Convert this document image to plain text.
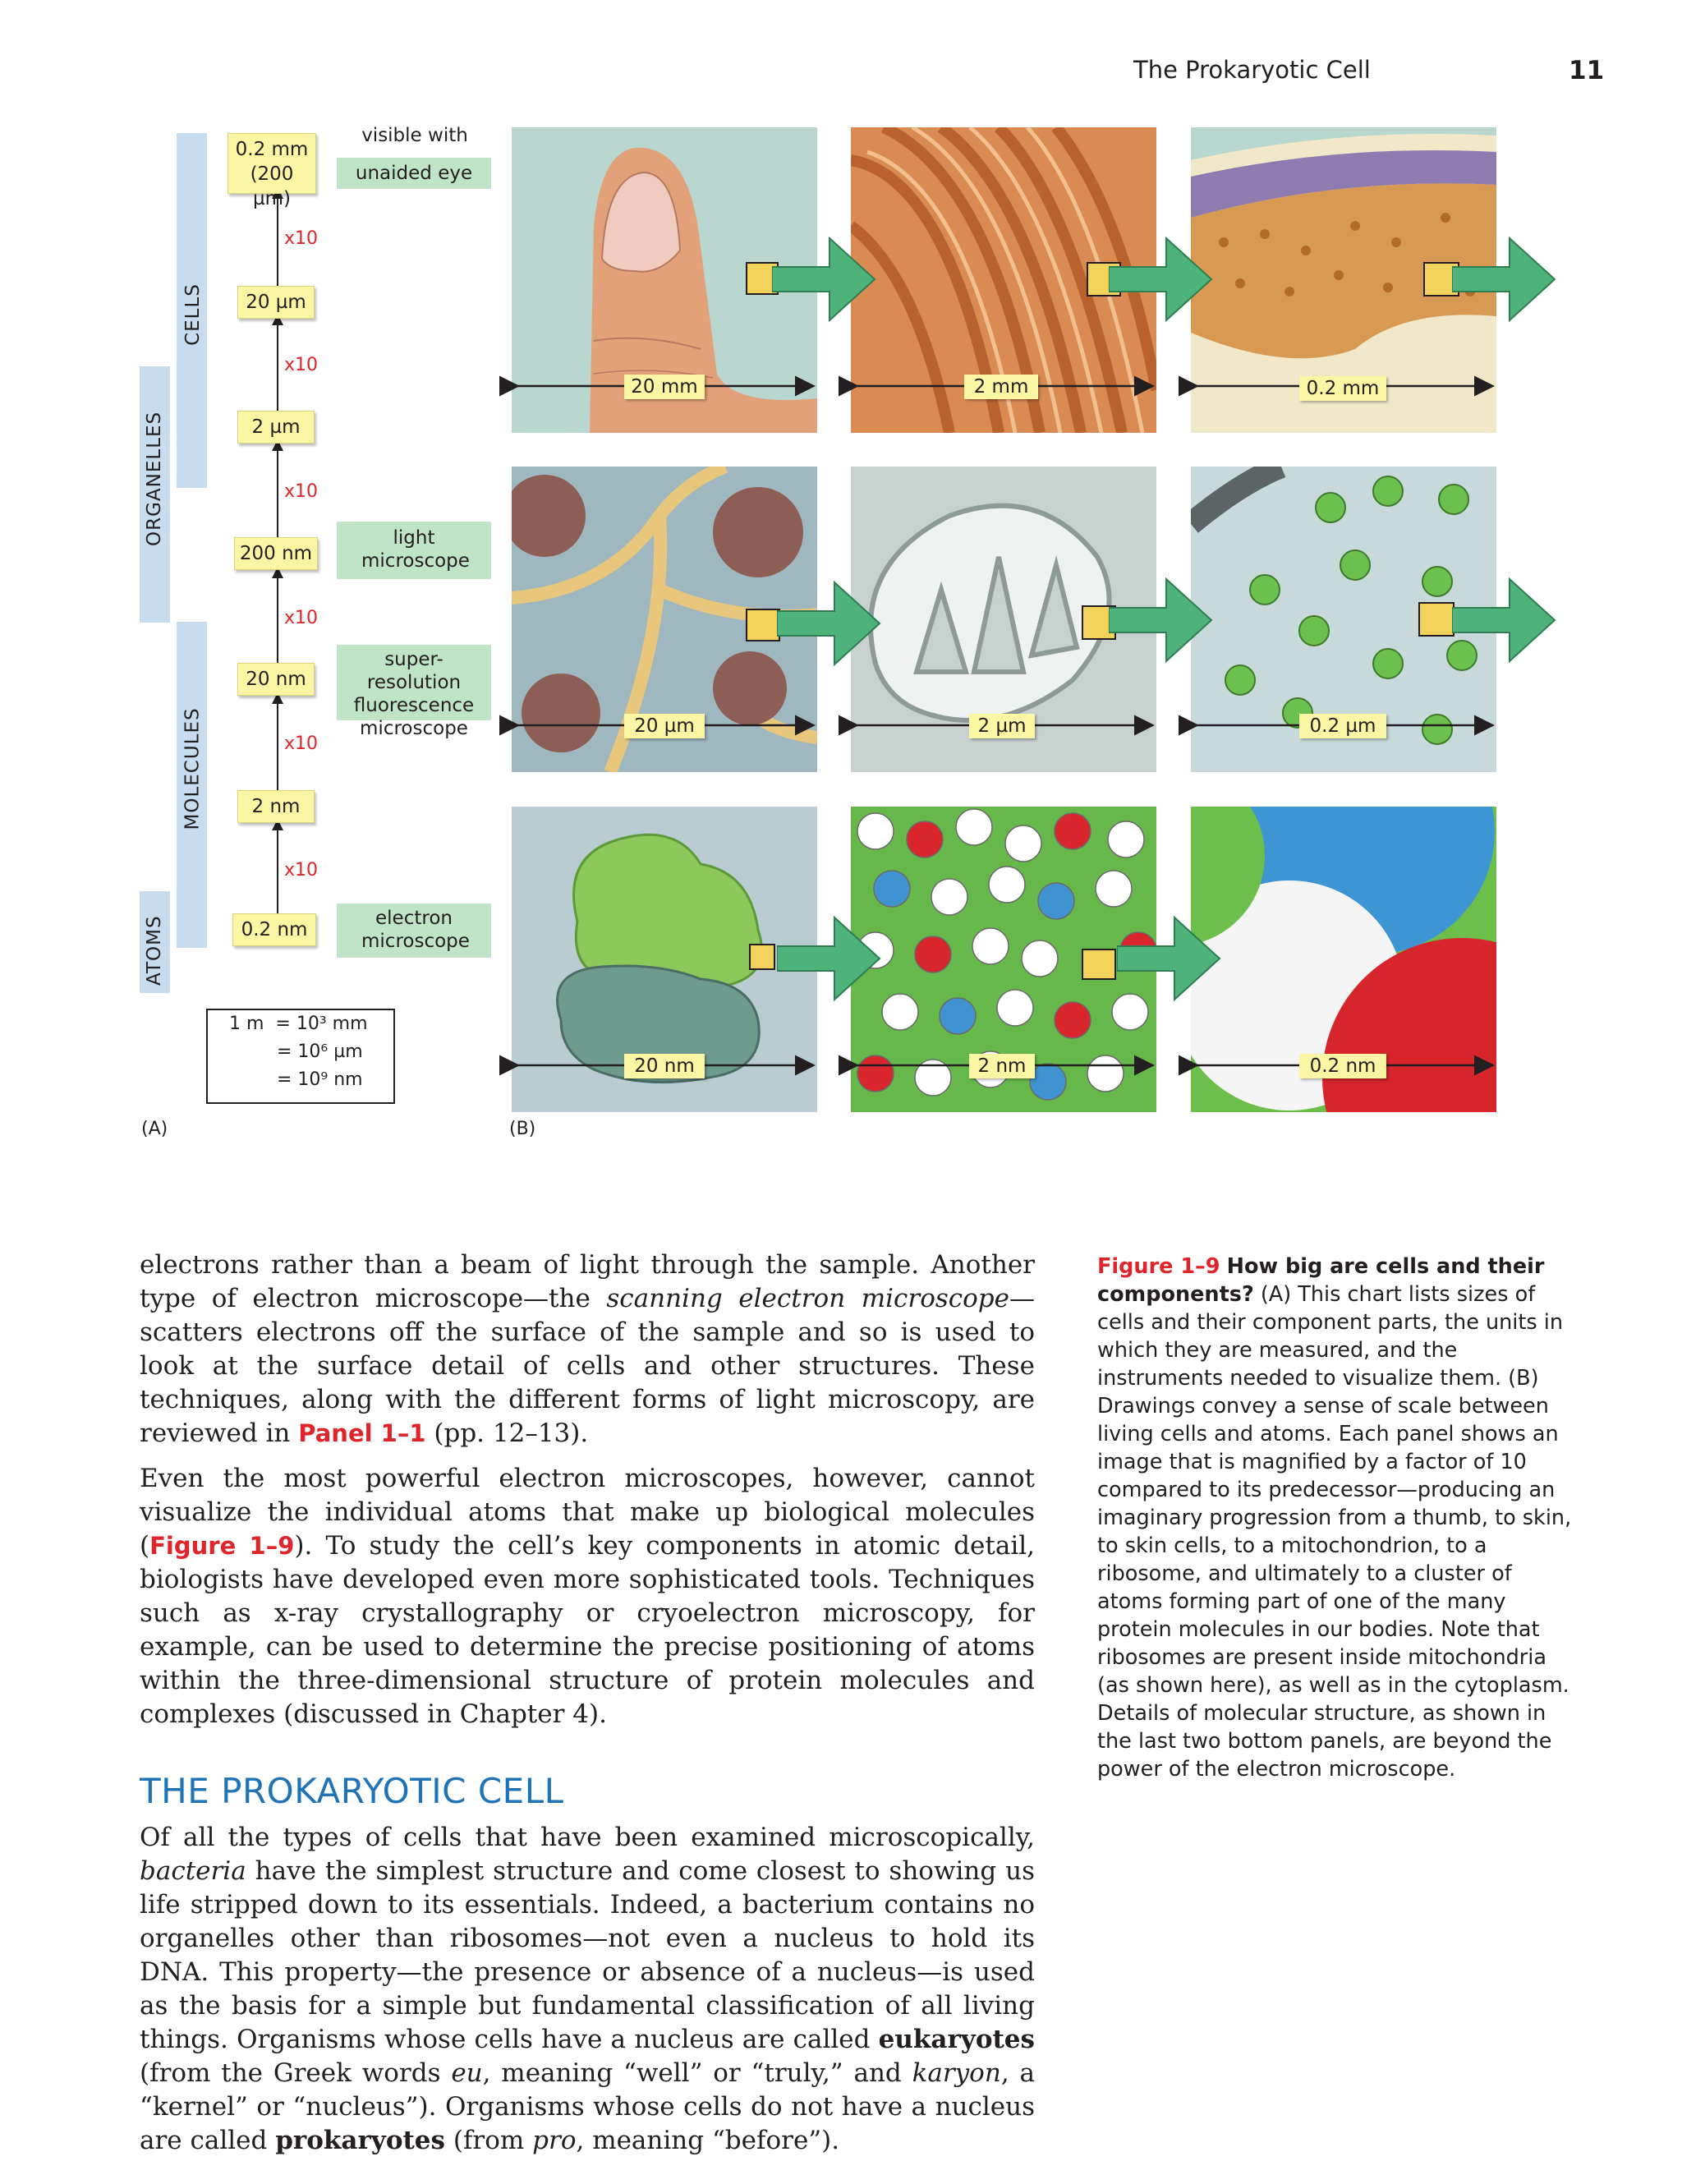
The Prokaryotic Cell	11
CELLS
ORGANELLES
MOLECULES
ATOMS
0.2 mm
(200 µm)
20 µm
2 µm
200 nm
20 nm
2 nm
0.2 nm
x10
x10
x10
x10
x10
x10
visible with
unaided eye
light microscope
super-resolution fluorescence microscope
electron microscope
1 m  = 10³ mm
= 10⁶ µm
= 10⁹ nm
(A)
20 mm	2 mm	0.2 mm
20 µm	2 µm	0.2 µm
20 nm	2 nm	0.2 nm
(B)

electrons rather than a beam of light through the sample. Another type of electron microscope—the scanning electron microscope—scatters electrons off the surface of the sample and so is used to look at the surface detail of cells and other structures. These techniques, along with the different forms of light microscopy, are reviewed in Panel 1–1 (pp. 12–13).

Even the most powerful electron microscopes, however, cannot visualize the individual atoms that make up biological molecules (Figure 1–9). To study the cell’s key components in atomic detail, biologists have developed even more sophisticated tools. Techniques such as x-ray crystallography or cryoelectron microscopy, for example, can be used to determine the precise positioning of atoms within the three-dimensional structure of protein molecules and complexes (discussed in Chapter 4).

THE PROKARYOTIC CELL

Of all the types of cells that have been examined microscopically, bacteria have the simplest structure and come closest to showing us life stripped down to its essentials. Indeed, a bacterium contains no organelles other than ribosomes—not even a nucleus to hold its DNA. This property—the presence or absence of a nucleus—is used as the basis for a simple but fundamental classification of all living things. Organisms whose cells have a nucleus are called eukaryotes (from the Greek words eu, meaning “well” or “truly,” and karyon, a “kernel” or “nucleus”). Organisms whose cells do not have a nucleus are called prokaryotes (from pro, meaning “before”).

Figure 1–9 How big are cells and their components? (A) This chart lists sizes of cells and their component parts, the units in which they are measured, and the instruments needed to visualize them. (B) Drawings convey a sense of scale between living cells and atoms. Each panel shows an image that is magnified by a factor of 10 compared to its predecessor—producing an imaginary progression from a thumb, to skin, to skin cells, to a mitochondrion, to a ribosome, and ultimately to a cluster of atoms forming part of one of the many protein molecules in our bodies. Note that ribosomes are present inside mitochondria (as shown here), as well as in the cytoplasm. Details of molecular structure, as shown in the last two bottom panels, are beyond the power of the electron microscope.
